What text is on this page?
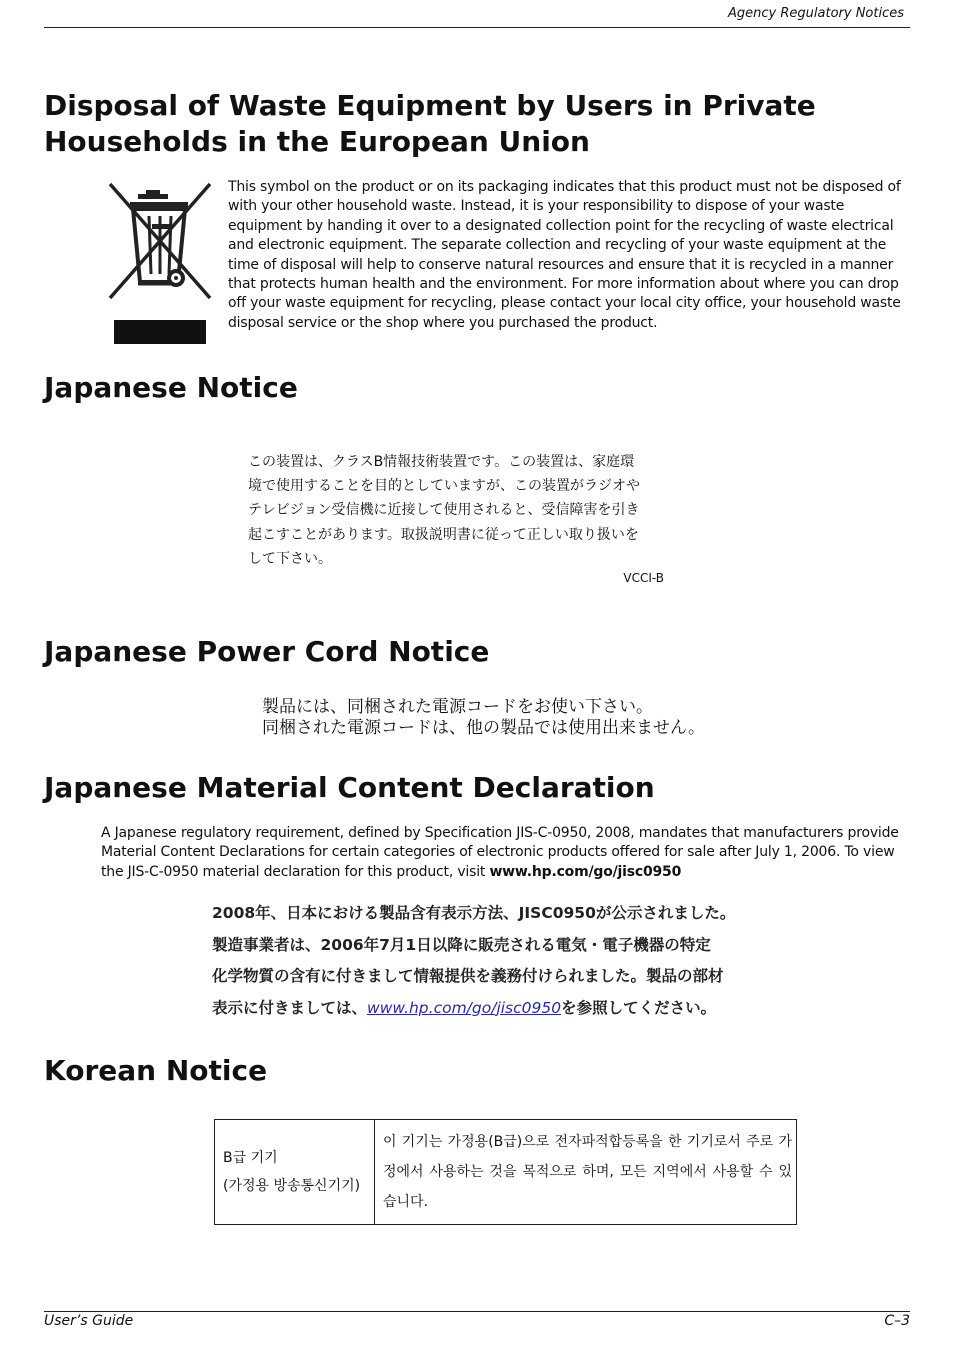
Agency Regulatory Notices
Disposal of Waste Equipment by Users in Private Households in the European Union

This symbol on the product or on its packaging indicates that this product must not be disposed of with your other household waste. Instead, it is your responsibility to dispose of your waste equipment by handing it over to a designated collection point for the recycling of waste electrical and electronic equipment. The separate collection and recycling of your waste equipment at the time of disposal will help to conserve natural resources and ensure that it is recycled in a manner that protects human health and the environment. For more information about where you can drop off your waste equipment for recycling, please contact your local city office, your household waste disposal service or the shop where you purchased the product.

Japanese Notice
この装置は、クラスB情報技術装置です。この装置は、家庭環
境で使用することを目的としていますが、この装置がラジオや
テレビジョン受信機に近接して使用されると、受信障害を引き
起こすことがあります。取扱説明書に従って正しい取り扱いを
して下さい。
VCCI-B
Japanese Power Cord Notice
製品には、同梱された電源コードをお使い下さい。
同梱された電源コードは、他の製品では使用出来ません。
Japanese Material Content Declaration

A Japanese regulatory requirement, defined by Specification JIS-C-0950, 2008, mandates that manufacturers provide Material Content Declarations for certain categories of electronic products offered for sale after July 1, 2006. To view the JIS-C-0950 material declaration for this product, visit www.hp.com/go/jisc0950

2008年、日本における製品含有表示方法、JISC0950が公示されました。
製造事業者は、2006年7月1日以降に販売される電気・電子機器の特定
化学物質の含有に付きまして情報提供を義務付けられました。製品の部材
表示に付きましては、www.hp.com/go/jisc0950を参照してください。
Korean Notice
B급 기기
(가정용 방송통신기기)
	이 기기는 가정용(B급)으로 전자파적합등록을 한 기기로서 주로 가정에서 사용하는 것을 목적으로 하며, 모든 지역에서 사용할 수 있습니다.
User’s Guide	C–3
